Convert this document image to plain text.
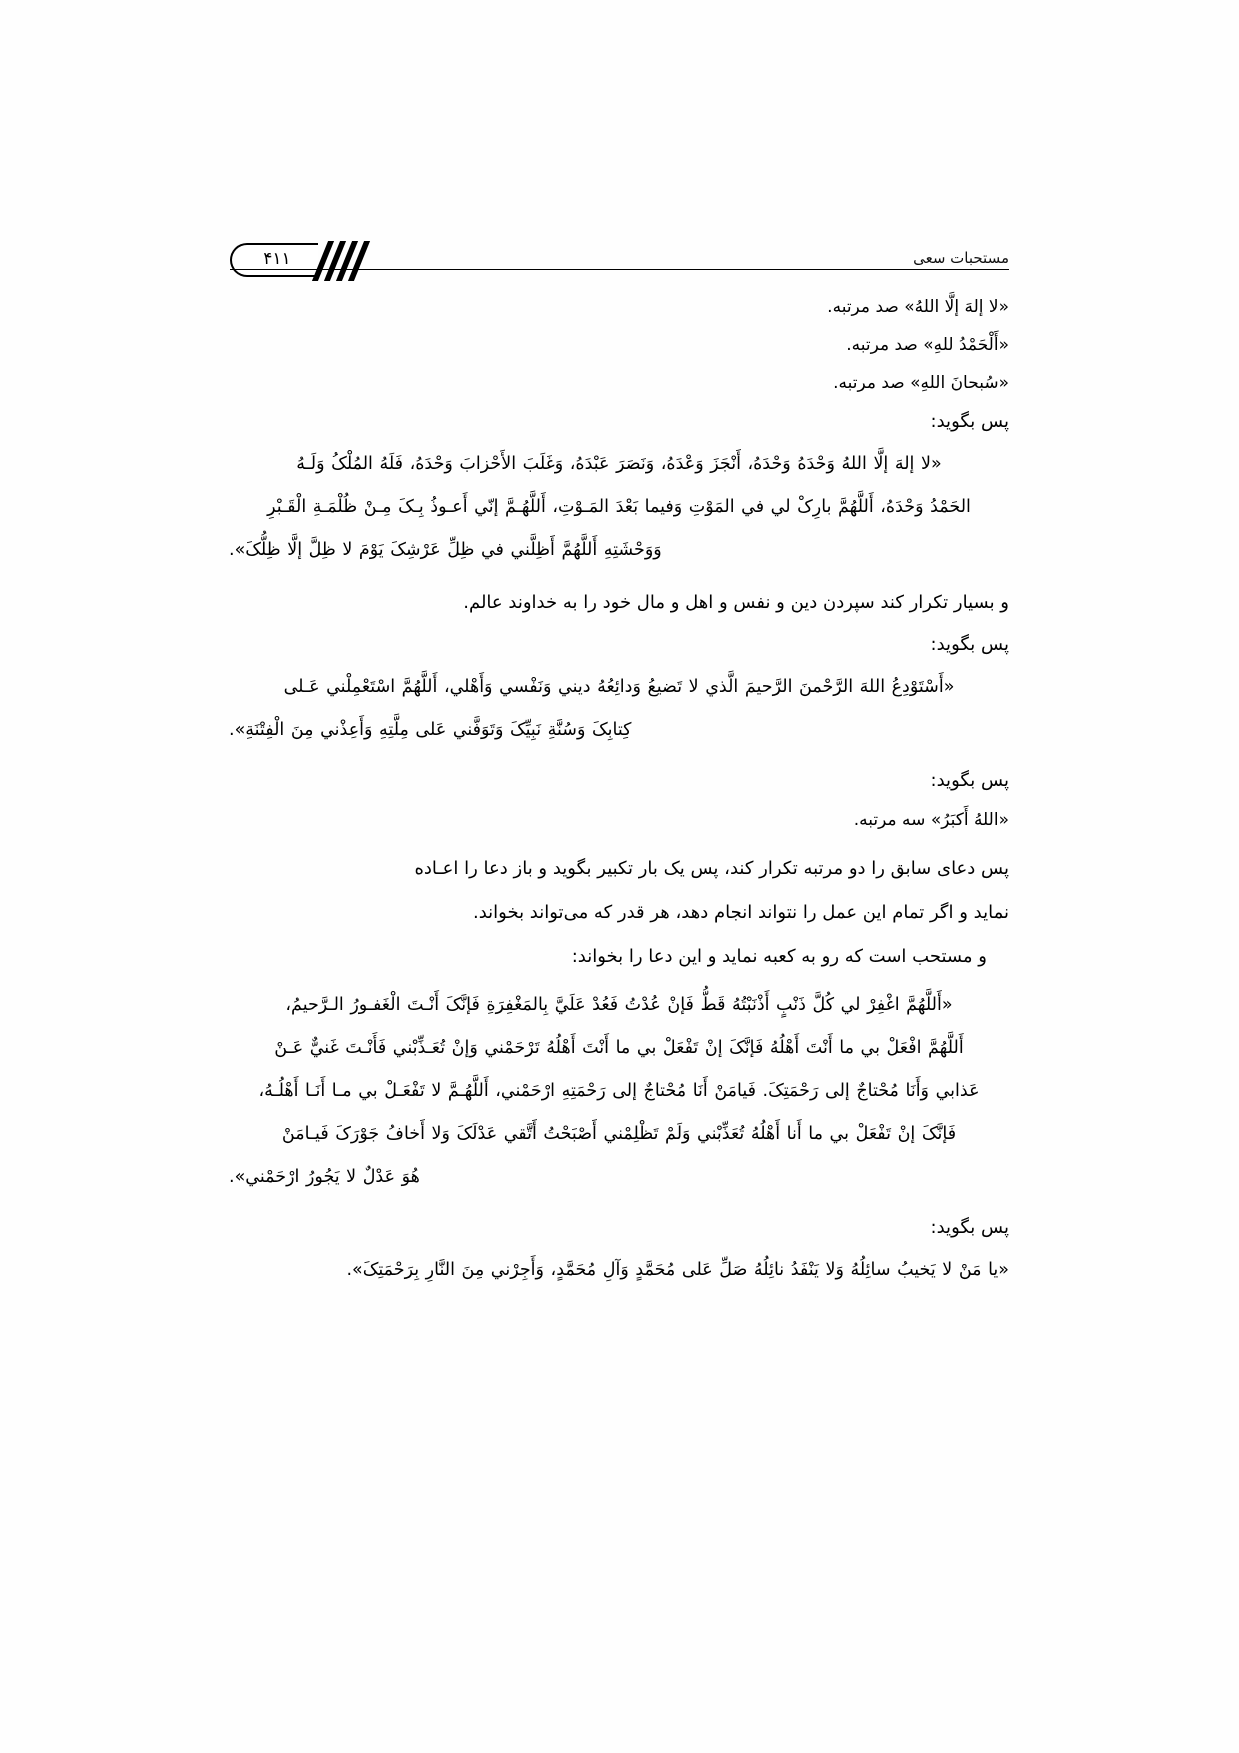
۴۱۱	مستحبات سعی

«لا إلهَ إلَّا اللهُ» صد مرتبه.

«أَلْحَمْدُ للهِ» صد مرتبه.

«سُبحانَ اللهِ» صد مرتبه.

پس بگوید:

«لا إلهَ إلَّا اللهُ وَحْدَهُ وَحْدَهُ، أَنْجَزَ وَعْدَهُ، وَنَصَرَ عَبْدَهُ، وَغَلَبَ الأَحْزابَ وَحْدَهُ، فَلَهُ المُلْکُ وَلَـهُ

الحَمْدُ وَحْدَهُ، أَللَّهُمَّ بارِکْ لي في المَوْتِ وَفيما بَعْدَ المَـوْتِ، أَللَّهُـمَّ إنّي أَعـوذُ بِـکَ مِـنْ ظُلْمَـةِ الْقَـبْرِ

وَوَحْشَتِهِ أَللَّهُمَّ أَظِلَّني في ظِلِّ عَرْشِکَ يَوْمَ لا ظِلَّ إلَّا ظِلُّکَ».

و بسيار تکرار کند سپردن دين و نفس و اهل و مال خود را به خداوند عالم.

پس بگويد:

«أَسْتَوْدِعُ اللهَ الرَّحْمنَ الرَّحيمَ الَّذي لا تَضيعُ وَدائِعُهُ ديني وَنَفْسي وَأَهْلي، أَللَّهُمَّ اسْتَعْمِلْني عَـلى

کِتابِکَ وَسُنَّةِ نَبِيِّکَ وَتَوَفَّني عَلى مِلَّتِهِ وَأَعِذْني مِنَ الْفِتْنَةِ».

پس بگويد:

«اللهُ أَکبَرُ» سه مرتبه.

پس دعاى سابق را دو مرتبه تکرار کند، پس يک بار تکبير بگويد و باز دعا را اعـاده

نمايد و اگر تمام اين عمل را نتواند انجام دهد، هر قدر که مى‌تواند بخواند.

و مستحب است که رو به کعبه نمايد و اين دعا را بخواند:

«أَللَّهُمَّ اغْفِرْ لي کُلَّ ذَنْبٍ أَذْنَبْتُهُ قَطُّ فَإنْ عُدْتُ فَعُدْ عَلَيَّ بِالمَغْفِرَةِ فَإنَّکَ أَنْـتَ الْغَفـورُ الـرَّحيمُ،

أَللَّهُمَّ افْعَلْ بي ما أَنْتَ أَهْلُهُ فَإنَّکَ إنْ تَفْعَلْ بي ما أَنْتَ أَهْلُهُ تَرْحَمْني وَإنْ تُعَـذِّبْني فَأَنْـتَ غَنيٌّ عَـنْ

عَذابي وَأَنَا مُحْتاجٌ إلى رَحْمَتِکَ. فَيامَنْ أَنَا مُحْتاجٌ إلى رَحْمَتِهِ ارْحَمْني، أَللَّهُـمَّ لا تَفْعَـلْ بي مـا أَنَـا أَهْلُـهُ،

فَإنَّکَ إنْ تَفْعَلْ بي ما أَنا أَهْلُهُ تُعَذِّبْني وَلَمْ تَظْلِمْني أَصْبَحْتُ أَتَّقي عَدْلَکَ وَلا أَخافُ جَوْرَکَ فَيـامَنْ

هُوَ عَدْلٌ لا يَجُورُ ارْحَمْني».

پس بگويد:

«يا مَنْ لا يَخيبُ سائِلُهُ وَلا يَنْفَدُ نائِلُهُ صَلِّ عَلى مُحَمَّدٍ وَآلِ مُحَمَّدٍ، وَأَجِرْني مِنَ النَّارِ بِرَحْمَتِکَ».
